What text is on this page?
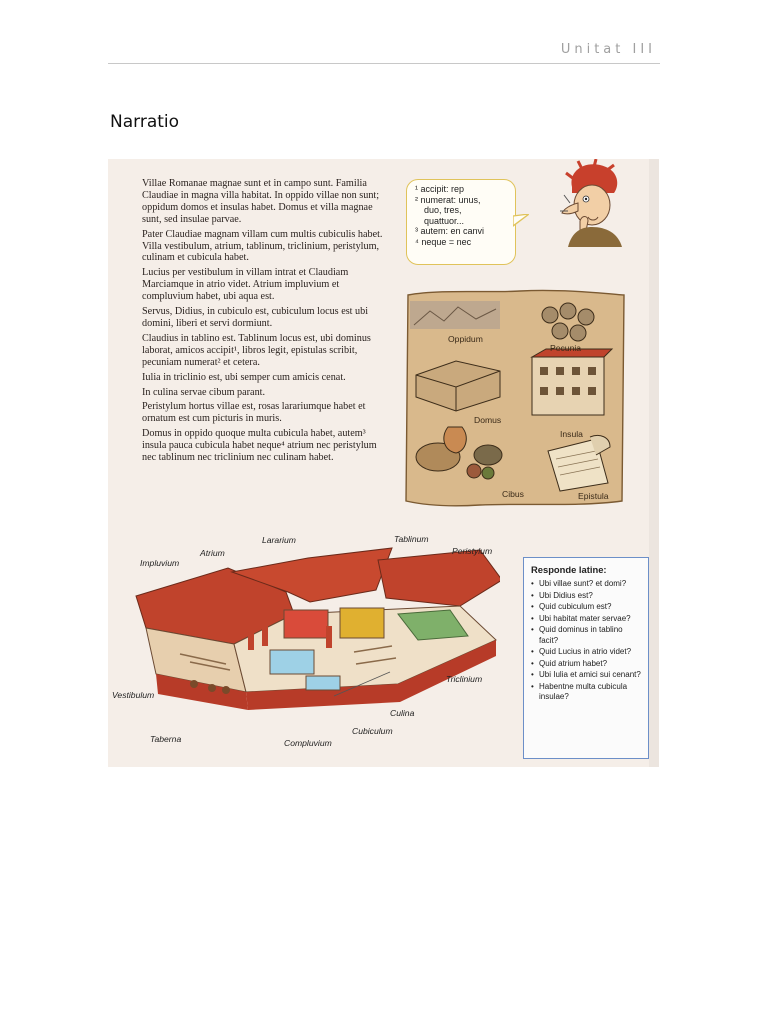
Unitat III
Narratio

Villae Romanae magnae sunt et in campo sunt. Familia Claudiae in magna villa habitat. In oppido villae non sunt; oppidum domos et insulas habet. Domus et villa magnae sunt, sed insulae parvae.

Pater Claudiae magnam villam cum multis cubiculis habet. Villa vestibulum, atrium, tablinum, triclinium, peristylum, culinam et cubicula habet.

Lucius per vestibulum in villam intrat et Claudiam Marciamque in atrio videt. Atrium impluvium et compluvium habet, ubi aqua est.

Servus, Didius, in cubiculo est, cubiculum locus est ubi domini, liberi et servi dormiunt.

Claudius in tablino est. Tablinum locus est, ubi dominus laborat, amicos accipit¹, libros legit, epistulas scribit, pecuniam numerat² et cetera.

Iulia in triclinio est, ubi semper cum amicis cenat.

In culina servae cibum parant.

Peristylum hortus villae est, rosas larariumque habet et ornatum est cum picturis in muris.

Domus in oppido quoque multa cubicula habet, autem³ insula pauca cubicula habet neque⁴ atrium nec peristylum nec tablinum nec triclinium nec culinam habet.

¹ accipit: rep
² numerat: unus,
duo, tres,
quattuor...
³ autem: en canvi
⁴ neque = nec
Oppidum
Pecunia
Domus
Insula
Cibus	Epistula
Impluvium
Atrium
Lararium	Tablinum
Peristylum
Vestibulum
Taberna	Compluvium
Cubiculum
Culina
Triclinium
Responde latine:
• Ubi villae sunt? et domi?
• Ubi Didius est?
• Quid cubiculum est?
• Ubi habitat mater servae?
• Quid dominus in tablino facit?
• Quid Lucius in atrio videt?
• Quid atrium habet?
• Ubi Iulia et amici sui cenant?
• Habentne multa cubicula insulae?
